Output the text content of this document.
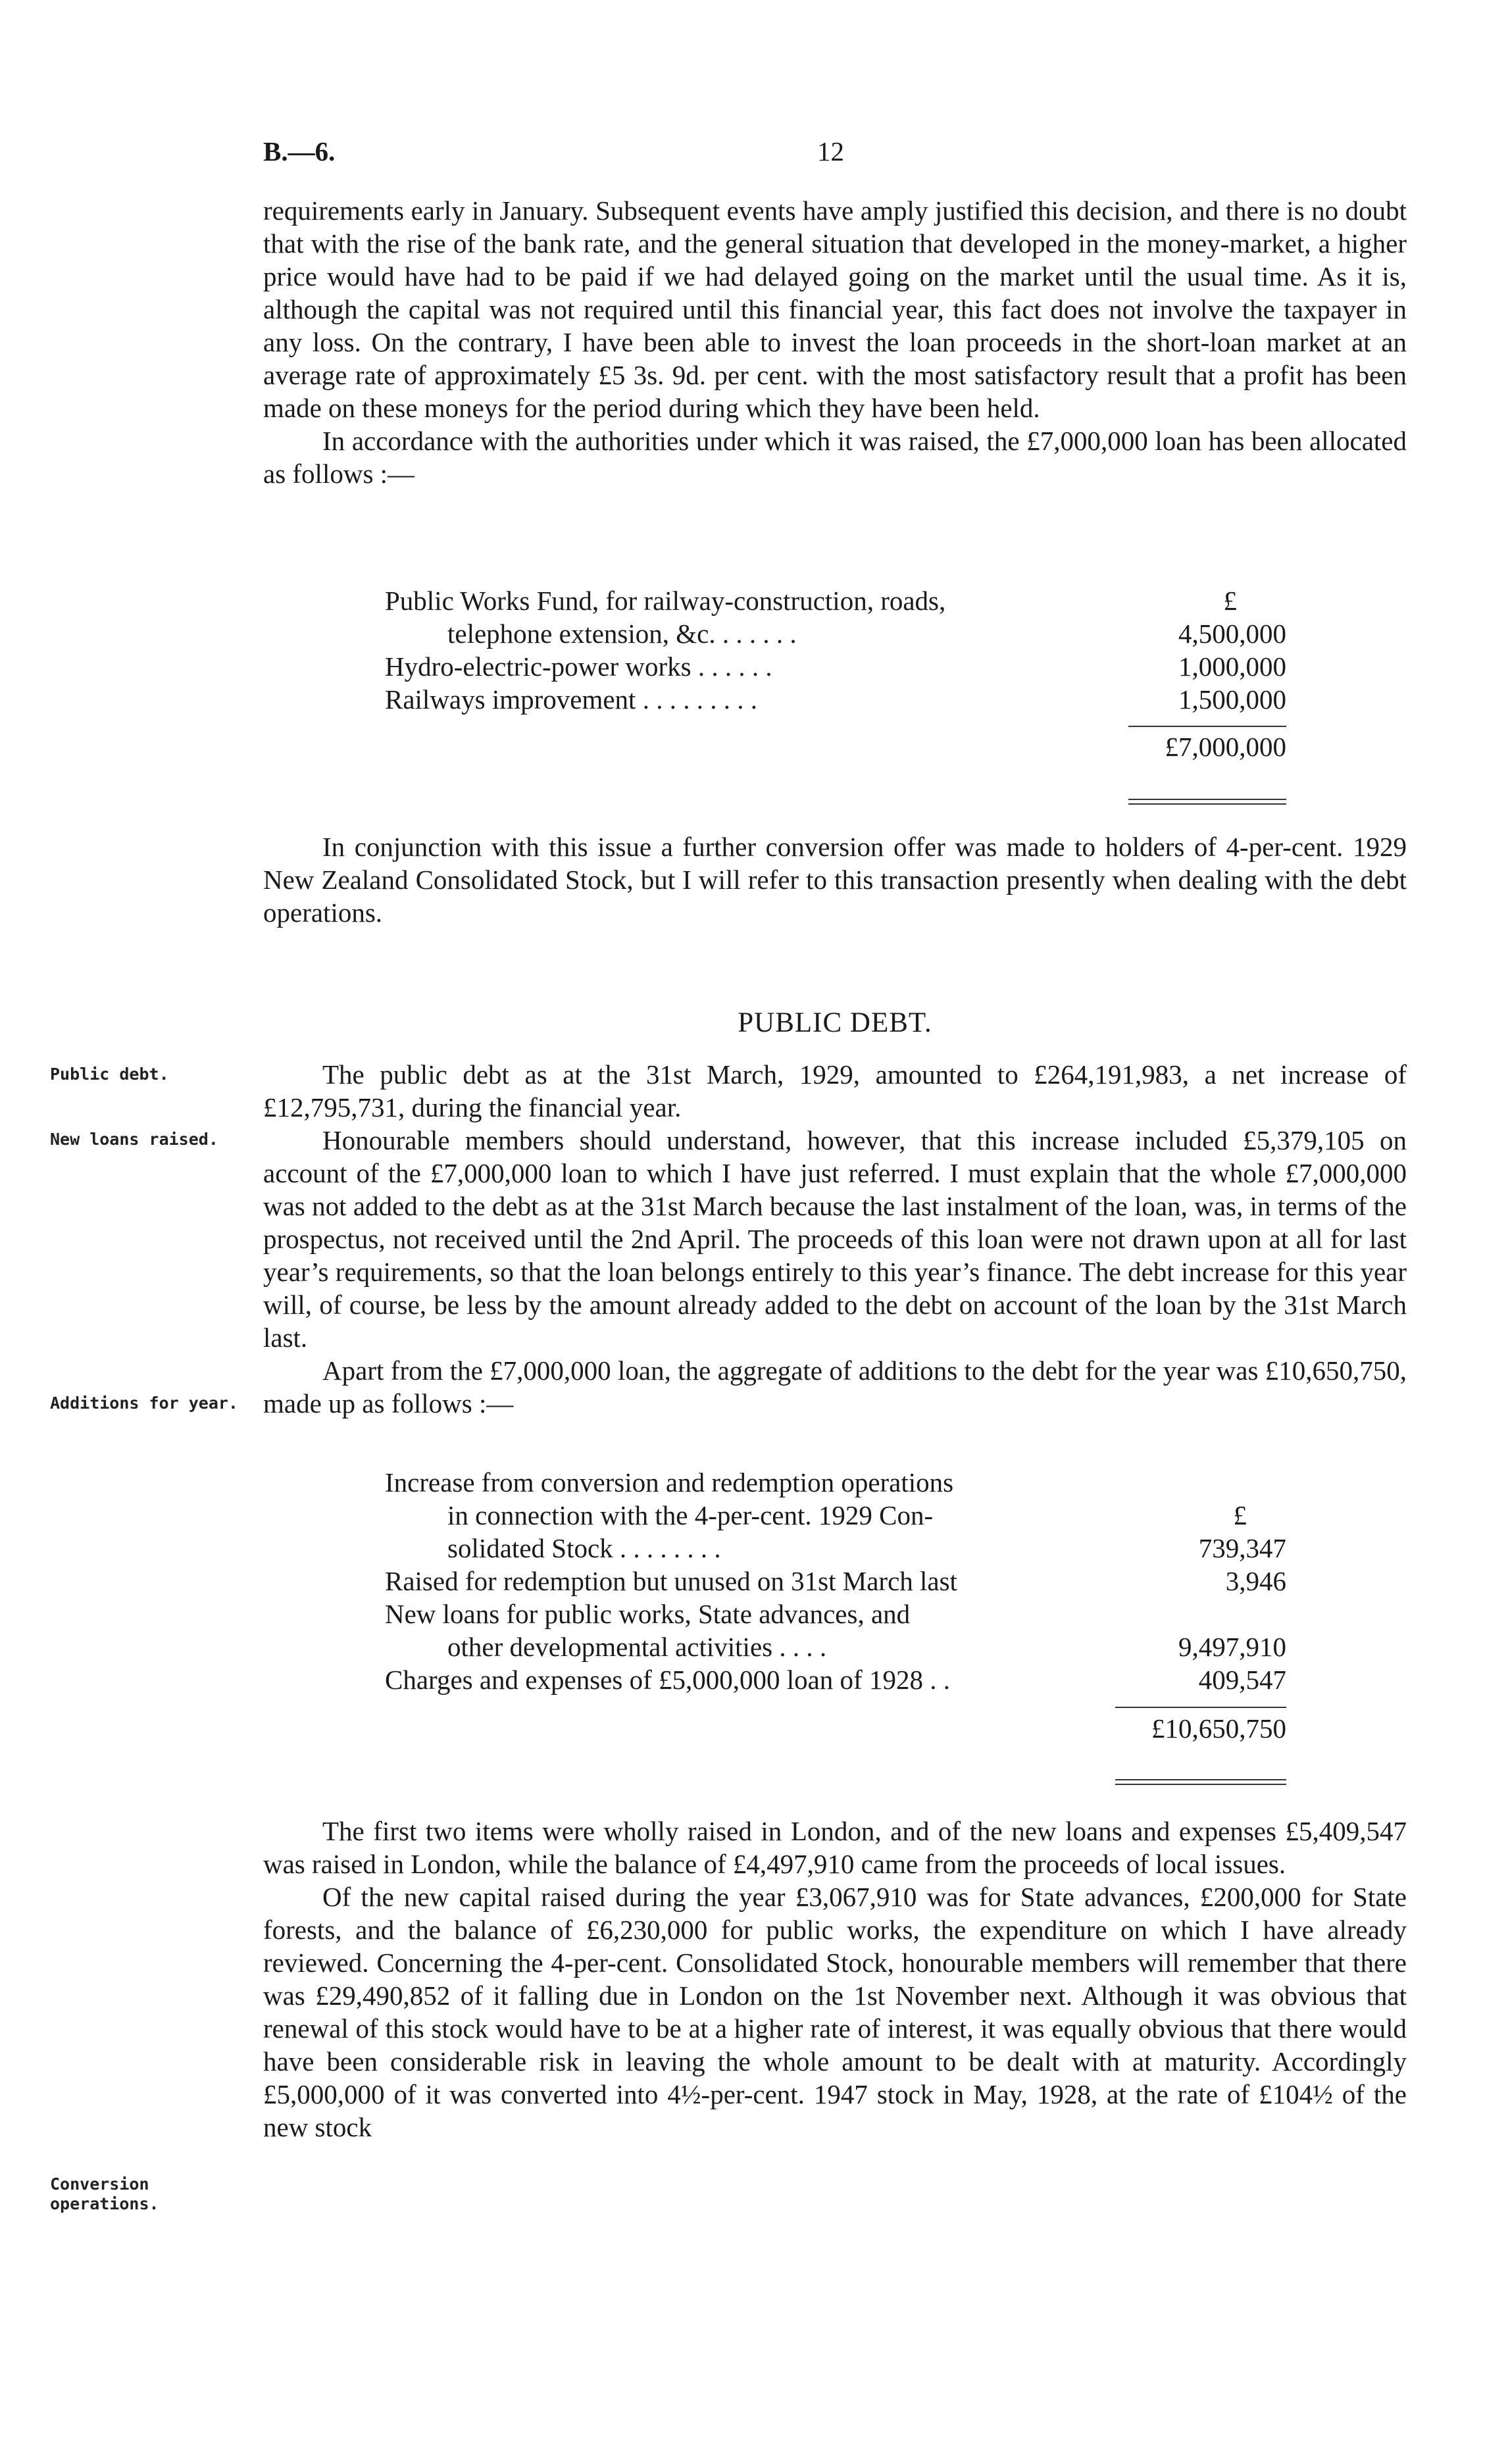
B.—6.	12

requirements early in January. Subsequent events have amply justified this decision, and there is no doubt that with the rise of the bank rate, and the general situation that developed in the money-market, a higher price would have had to be paid if we had delayed going on the market until the usual time. As it is, although the capital was not required until this financial year, this fact does not involve the taxpayer in any loss. On the contrary, I have been able to invest the loan proceeds in the short-loan market at an average rate of approximately £5 3s. 9d. per cent. with the most satisfactory result that a profit has been made on these moneys for the period during which they have been held.

In accordance with the authorities under which it was raised, the £7,000,000 loan has been allocated as follows :—

Public Works Fund, for railway-construction, roads,	£
telephone extension, &c. . . . . . .	4,500,000
Hydro-electric-power works . . . . . .	1,000,000
Railways improvement . . . . . . . . .	1,500,000
£7,000,000

In conjunction with this issue a further conversion offer was made to holders of 4-per-cent. 1929 New Zealand Consolidated Stock, but I will refer to this transaction presently when dealing with the debt operations.

PUBLIC DEBT.
Public debt.
New loans raised.
Additions for year.
Conversion operations.

The public debt as at the 31st March, 1929, amounted to £264,191,983, a net increase of £12,795,731, during the financial year.

Honourable members should understand, however, that this increase included £5,379,105 on account of the £7,000,000 loan to which I have just referred. I must explain that the whole £7,000,000 was not added to the debt as at the 31st March because the last instalment of the loan, was, in terms of the prospectus, not received until the 2nd April. The proceeds of this loan were not drawn upon at all for last year’s requirements, so that the loan belongs entirely to this year’s finance. The debt increase for this year will, of course, be less by the amount already added to the debt on account of the loan by the 31st March last.

Apart from the £7,000,000 loan, the aggregate of additions to the debt for the year was £10,650,750, made up as follows :—

Increase from conversion and redemption operations
in connection with the 4-per-cent. 1929 Con-	£
solidated Stock . . . . . . . .	739,347
Raised for redemption but unused on 31st March last	3,946
New loans for public works, State advances, and
other developmental activities . . . .	9,497,910
Charges and expenses of £5,000,000 loan of 1928 . .	409,547
£10,650,750

The first two items were wholly raised in London, and of the new loans and expenses £5,409,547 was raised in London, while the balance of £4,497,910 came from the proceeds of local issues.

Of the new capital raised during the year £3,067,910 was for State advances, £200,000 for State forests, and the balance of £6,230,000 for public works, the expenditure on which I have already reviewed. Concerning the 4-per-cent. Consolidated Stock, honourable members will remember that there was £29,490,852 of it falling due in London on the 1st November next. Although it was obvious that renewal of this stock would have to be at a higher rate of interest, it was equally obvious that there would have been considerable risk in leaving the whole amount to be dealt with at maturity. Accordingly £5,000,000 of it was converted into 4½-per-cent. 1947 stock in May, 1928, at the rate of £104½ of the new stock
